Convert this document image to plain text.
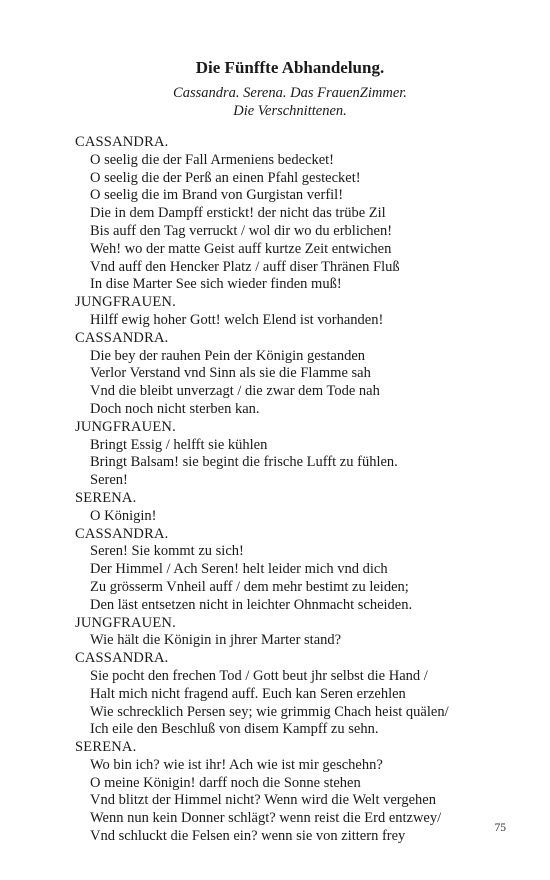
Die Fünffte Abhandelung.
Cassandra. Serena. Das FrauenZimmer.
Die Verschnittenen.
CASSANDRA.
O seelig die der Fall Armeniens bedecket!
O seelig die der Perß an einen Pfahl gestecket!
O seelig die im Brand von Gurgistan verfil!
Die in dem Dampff erstickt! der nicht das trübe Zil
Bis auff den Tag verruckt / wol dir wo du erblichen!
Weh! wo der matte Geist auff kurtze Zeit entwichen
Vnd auff den Hencker Platz / auff diser Thränen Fluß
In dise Marter See sich wieder finden muß!
JUNGFRAUEN.
Hilff ewig hoher Gott! welch Elend ist vorhanden!
CASSANDRA.
Die bey der rauhen Pein der Königin gestanden
Verlor Verstand vnd Sinn als sie die Flamme sah
Vnd die bleibt unverzagt / die zwar dem Tode nah
Doch noch nicht sterben kan.
JUNGFRAUEN.
Bringt Essig / helfft sie kühlen
Bringt Balsam! sie begint die frische Lufft zu fühlen.
Seren!
SERENA.
O Königin!
CASSANDRA.
Seren! Sie kommt zu sich!
Der Himmel / Ach Seren! helt leider mich vnd dich
Zu grösserm Vnheil auff / dem mehr bestimt zu leiden;
Den läst entsetzen nicht in leichter Ohnmacht scheiden.
JUNGFRAUEN.
Wie hält die Königin in jhrer Marter stand?
CASSANDRA.
Sie pocht den frechen Tod / Gott beut jhr selbst die Hand /
Halt mich nicht fragend auff. Euch kan Seren erzehlen
Wie schrecklich Persen sey; wie grimmig Chach heist quälen/
Ich eile den Beschluß von disem Kampff zu sehn.
SERENA.
Wo bin ich? wie ist ihr! Ach wie ist mir geschehn?
O meine Königin! darff noch die Sonne stehen
Vnd blitzt der Himmel nicht? Wenn wird die Welt vergehen
Wenn nun kein Donner schlägt? wenn reist die Erd entzwey/
Vnd schluckt die Felsen ein? wenn sie von zittern frey
75
